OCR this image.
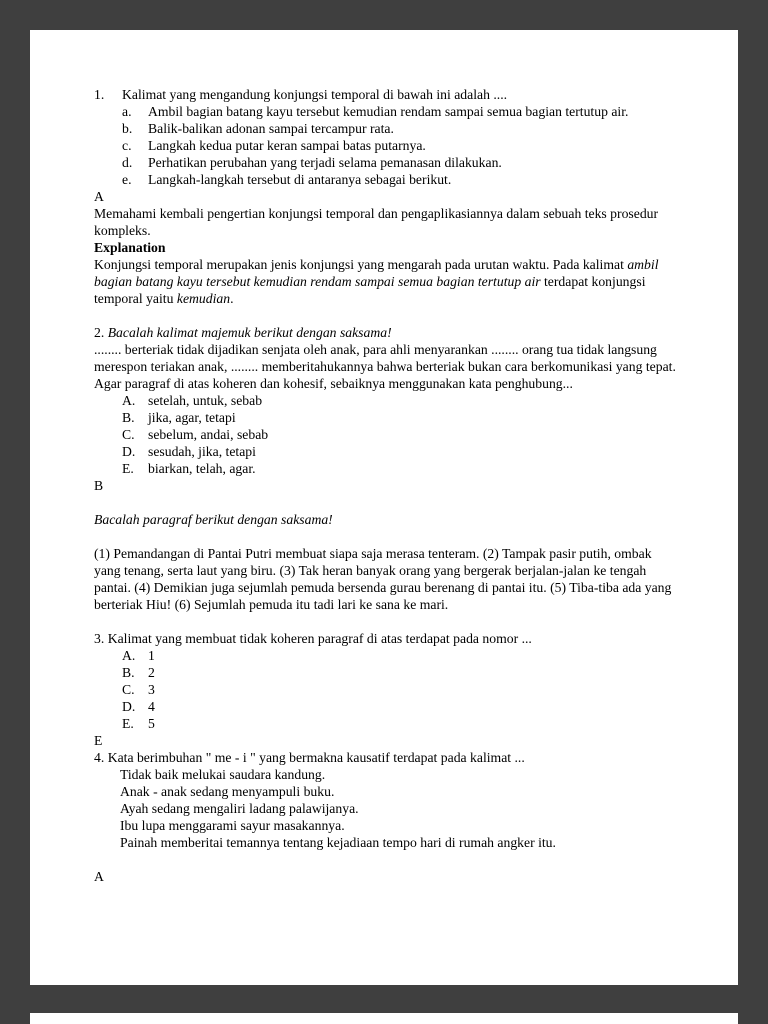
1. Kalimat yang mengandung konjungsi temporal di bawah ini adalah ....
a. Ambil bagian batang kayu tersebut kemudian rendam sampai semua bagian tertutup air.
b. Balik-balikan adonan sampai tercampur rata.
c. Langkah kedua putar keran sampai batas putarnya.
d. Perhatikan perubahan yang terjadi selama pemanasan dilakukan.
e. Langkah-langkah tersebut di antaranya sebagai berikut.
A
Memahami kembali pengertian konjungsi temporal dan pengaplikasiannya dalam sebuah teks prosedur kompleks.
Explanation
Konjungsi temporal merupakan jenis konjungsi yang mengarah pada urutan waktu. Pada kalimat ambil bagian batang kayu tersebut kemudian rendam sampai semua bagian tertutup air terdapat konjungsi temporal yaitu kemudian.
2. Bacalah kalimat majemuk berikut dengan saksama!
........ berteriak tidak dijadikan senjata oleh anak, para ahli menyarankan ........ orang tua tidak langsung merespon teriakan anak, ........ memberitahukannya bahwa berteriak bukan cara berkomunikasi yang tepat.
Agar paragraf di atas koheren dan kohesif, sebaiknya menggunakan kata penghubung...
A. setelah, untuk, sebab
B. jika, agar, tetapi
C. sebelum, andai, sebab
D. sesudah, jika, tetapi
E. biarkan, telah, agar.
B
Bacalah paragraf berikut dengan saksama!
(1) Pemandangan di Pantai Putri membuat siapa saja merasa tenteram. (2) Tampak pasir putih, ombak yang tenang, serta laut yang biru. (3) Tak heran banyak orang yang bergerak berjalan-jalan ke tengah pantai. (4) Demikian juga sejumlah pemuda bersenda gurau berenang di pantai itu. (5) Tiba-tiba ada yang berteriak Hiu! (6) Sejumlah pemuda itu tadi lari ke sana ke mari.
3. Kalimat yang membuat tidak koheren paragraf di atas terdapat pada nomor ...
A. 1
B. 2
C. 3
D. 4
E. 5
E
4. Kata berimbuhan " me - i " yang bermakna kausatif terdapat pada kalimat ...
Tidak baik melukai saudara kandung.
Anak - anak sedang menyampuli buku.
Ayah sedang mengaliri ladang palawijanya.
Ibu lupa menggarami sayur masakannya.
Painah memberitai temannya tentang kejadiaan tempo hari di rumah angker itu.
A
